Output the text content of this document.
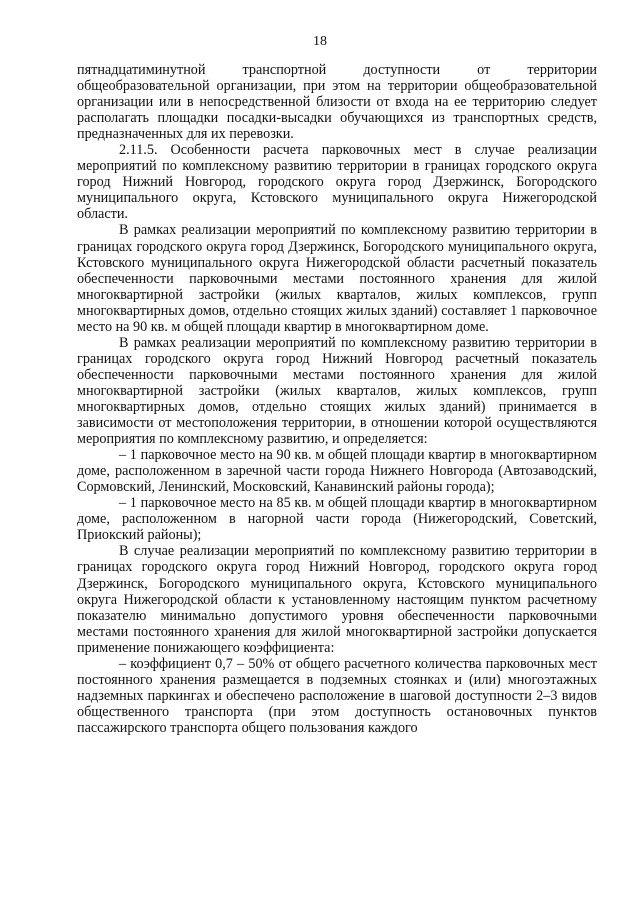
18

пятнадцатиминутной транспортной доступности от территории общеобразовательной организации, при этом на территории общеобразовательной организации или в непосредственной близости от входа на ее территорию следует располагать площадки посадки-высадки обучающихся из транспортных средств, предназначенных для их перевозки.

2.11.5. Особенности расчета парковочных мест в случае реализации мероприятий по комплексному развитию территории в границах городского округа город Нижний Новгород, городского округа город Дзержинск, Богородского муниципального округа, Кстовского муниципального округа Нижегородской области.

В рамках реализации мероприятий по комплексному развитию территории в границах городского округа город Дзержинск, Богородского муниципального округа, Кстовского муниципального округа Нижегородской области расчетный показатель обеспеченности парковочными местами постоянного хранения для жилой многоквартирной застройки (жилых кварталов, жилых комплексов, групп многоквартирных домов, отдельно стоящих жилых зданий) составляет 1 парковочное место на 90 кв. м общей площади квартир в многоквартирном доме.

В рамках реализации мероприятий по комплексному развитию территории в границах городского округа город Нижний Новгород расчетный показатель обеспеченности парковочными местами постоянного хранения для жилой многоквартирной застройки (жилых кварталов, жилых комплексов, групп многоквартирных домов, отдельно стоящих жилых зданий) принимается в зависимости от местоположения территории, в отношении которой осуществляются мероприятия по комплексному развитию, и определяется:

– 1 парковочное место на 90 кв. м общей площади квартир в многоквартирном доме, расположенном в заречной части города Нижнего Новгорода (Автозаводский, Сормовский, Ленинский, Московский, Канавинский районы города);

– 1 парковочное место на 85 кв. м общей площади квартир в многоквартирном доме, расположенном в нагорной части города (Нижегородский, Советский, Приокский районы);

В случае реализации мероприятий по комплексному развитию территории в границах городского округа город Нижний Новгород, городского округа город Дзержинск, Богородского муниципального округа, Кстовского муниципального округа Нижегородской области к установленному настоящим пунктом расчетному показателю минимально допустимого уровня обеспеченности парковочными местами постоянного хранения для жилой многоквартирной застройки допускается применение понижающего коэффициента:

– коэффициент 0,7 – 50% от общего расчетного количества парковочных мест постоянного хранения размещается в подземных стоянках и (или) многоэтажных надземных паркингах и обеспечено расположение в шаговой доступности 2–3 видов общественного транспорта (при этом доступность остановочных пунктов пассажирского транспорта общего пользования каждого
